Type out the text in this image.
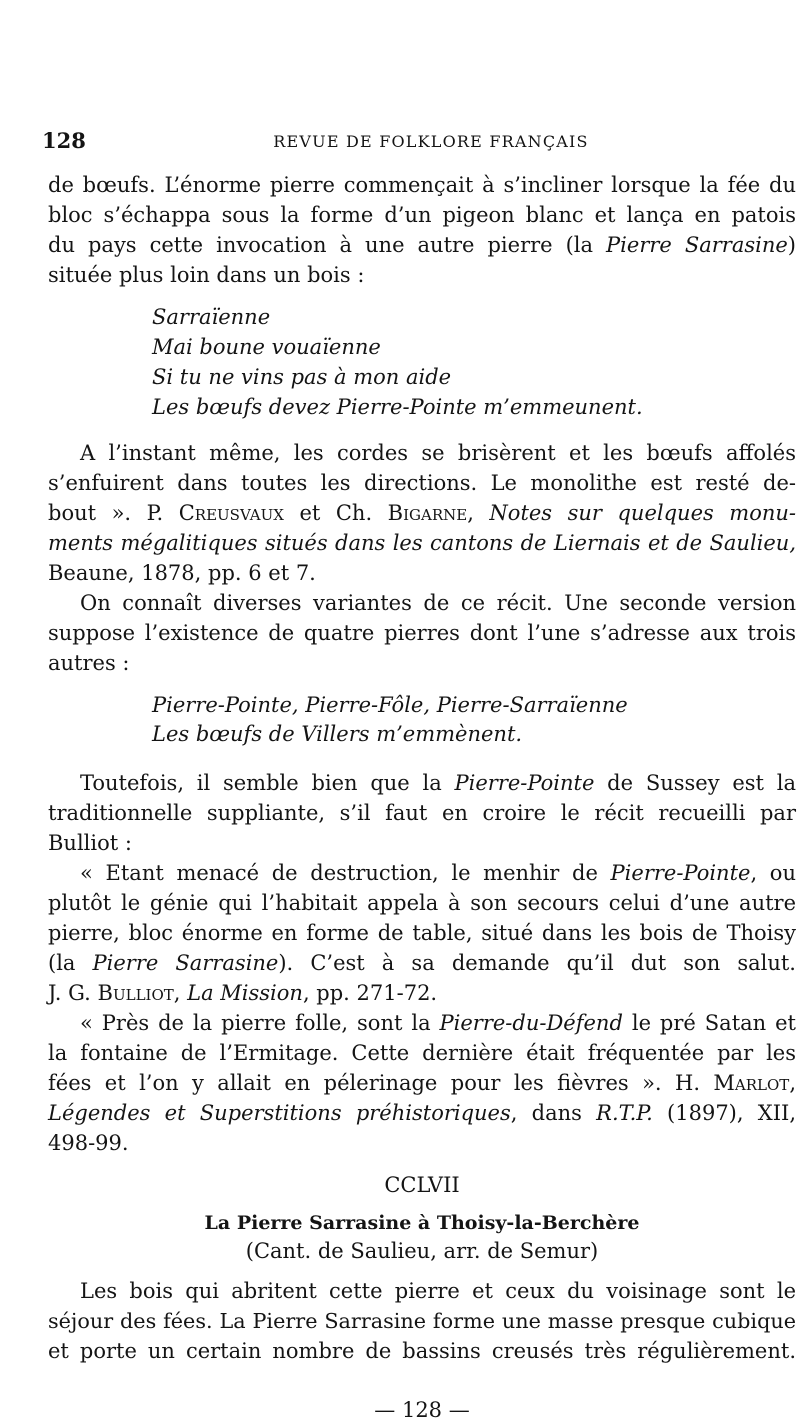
128	REVUE DE FOLKLORE FRANÇAIS
de bœufs. L’énorme pierre commençait à s’incliner lorsque la fée du
bloc s’échappa sous la forme d’un pigeon blanc et lança en patois
du pays cette invocation à une autre pierre (la Pierre Sarrasine)
située plus loin dans un bois :
Sarraïenne
Mai boune vouaïenne
Si tu ne vins pas à mon aide
Les bœufs devez Pierre-Pointe m’emmeunent.
A l’instant même, les cordes se brisèrent et les bœufs affolés
s’enfuirent dans toutes les directions. Le monolithe est resté de-
bout ». P. Creusvaux et Ch. Bigarne, Notes sur quelques monu-
ments mégalitiques situés dans les cantons de Liernais et de Saulieu,
Beaune, 1878, pp. 6 et 7.
On connaît diverses variantes de ce récit. Une seconde version
suppose l’existence de quatre pierres dont l’une s’adresse aux trois
autres :
Pierre-Pointe, Pierre-Fôle, Pierre-Sarraïenne
Les bœufs de Villers m’emmènent.
Toutefois, il semble bien que la Pierre-Pointe de Sussey est la
traditionnelle suppliante, s’il faut en croire le récit recueilli par
Bulliot :
« Etant menacé de destruction, le menhir de Pierre-Pointe, ou
plutôt le génie qui l’habitait appela à son secours celui d’une autre
pierre, bloc énorme en forme de table, situé dans les bois de Thoisy
(la Pierre Sarrasine). C’est à sa demande qu’il dut son salut.
J. G. Bulliot, La Mission, pp. 271-72.
« Près de la pierre folle, sont la Pierre-du-Défend le pré Satan et
la fontaine de l’Ermitage. Cette dernière était fréquentée par les
fées et l’on y allait en pélerinage pour les fièvres ». H. Marlot,
Légendes et Superstitions préhistoriques, dans R.T.P. (1897), XII,
498-99.
CCLVII
La Pierre Sarrasine à Thoisy-la-Berchère
(Cant. de Saulieu, arr. de Semur)
Les bois qui abritent cette pierre et ceux du voisinage sont le
séjour des fées. La Pierre Sarrasine forme une masse presque cubique
et porte un certain nombre de bassins creusés très régulièrement.
— 128 —
